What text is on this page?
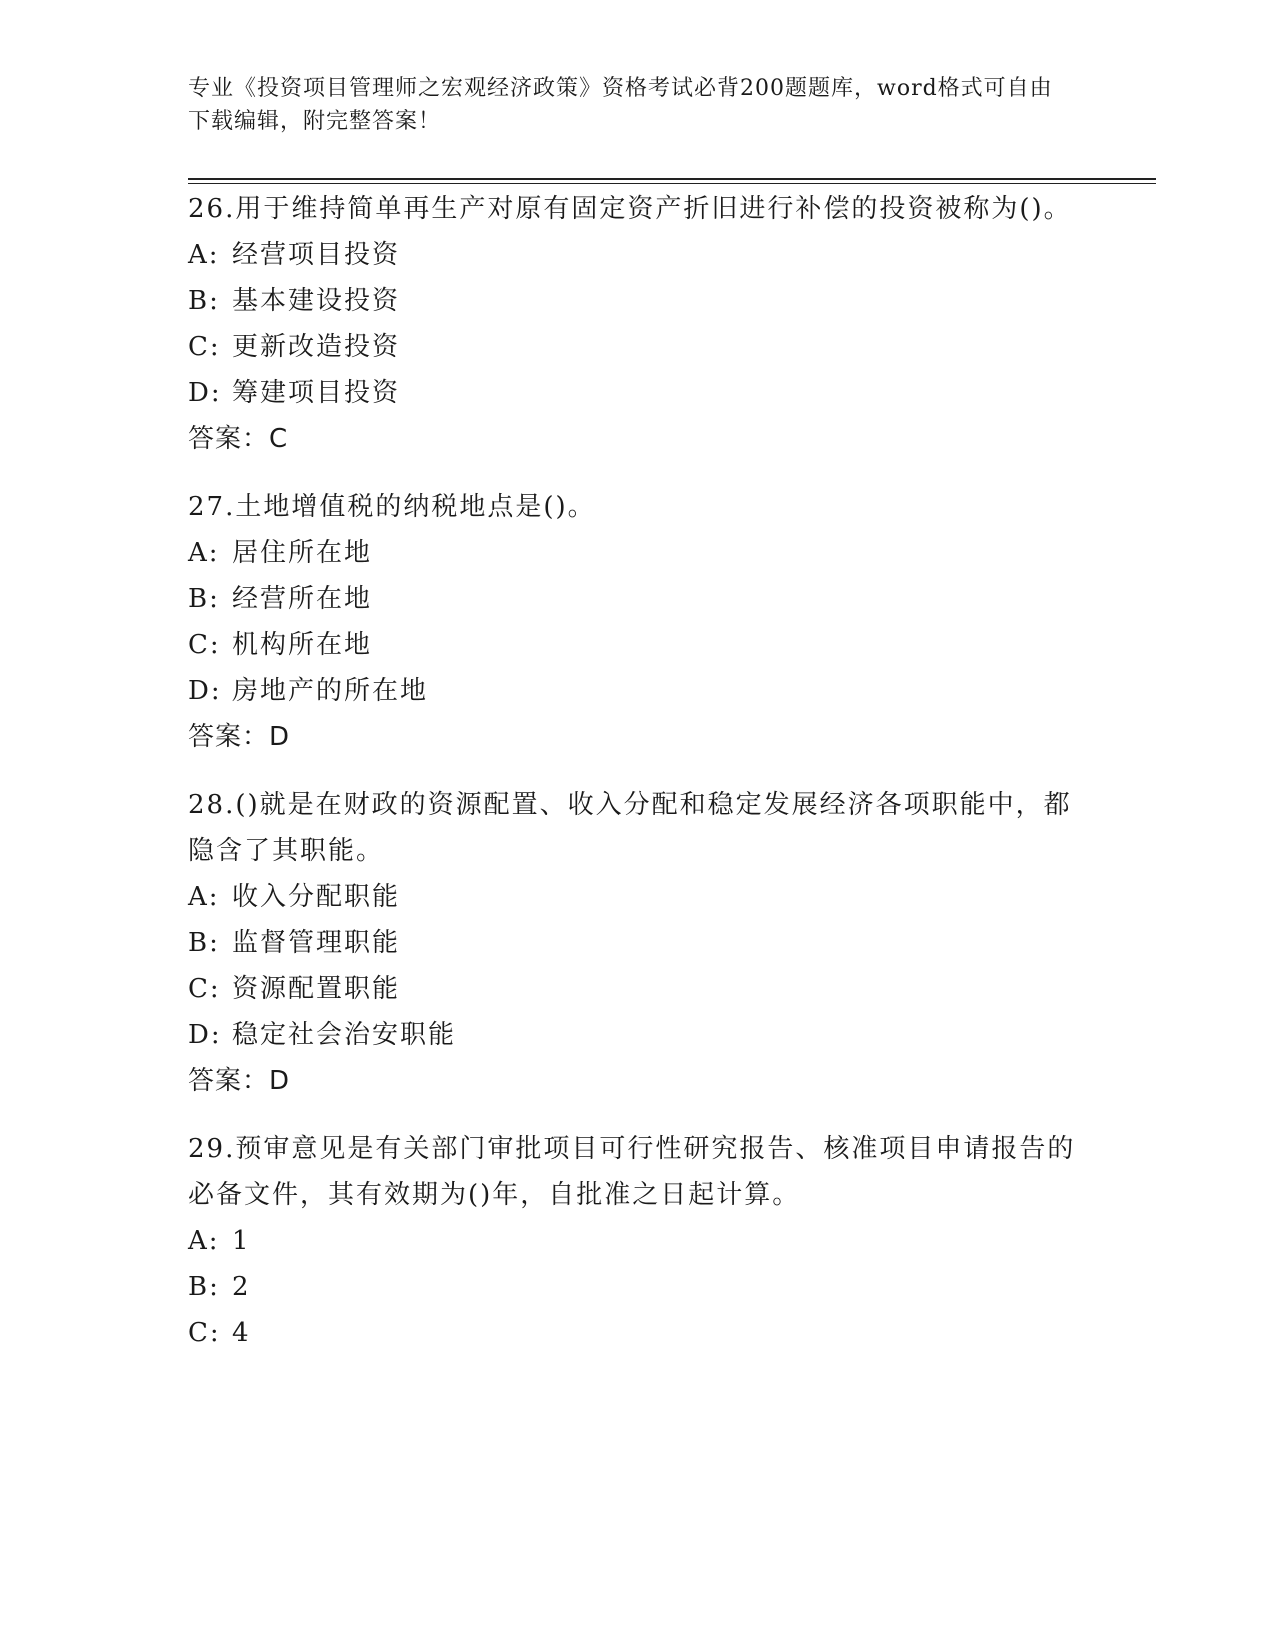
专业《投资项目管理师之宏观经济政策》资格考试必背200题题库，word格式可自由下载编辑，附完整答案！

26.用于维持简单再生产对原有固定资产折旧进行补偿的投资被称为()。

A: 经营项目投资
B: 基本建设投资
C: 更新改造投资
D: 筹建项目投资

答案：C

27.土地增值税的纳税地点是()。

A: 居住所在地
B: 经营所在地
C: 机构所在地
D: 房地产的所在地

答案：D

28.()就是在财政的资源配置、收入分配和稳定发展经济各项职能中，都隐含了其职能。

A: 收入分配职能
B: 监督管理职能
C: 资源配置职能
D: 稳定社会治安职能

答案：D

29.预审意见是有关部门审批项目可行性研究报告、核准项目申请报告的必备文件，其有效期为()年，自批准之日起计算。

A: 1
B: 2
C: 4
